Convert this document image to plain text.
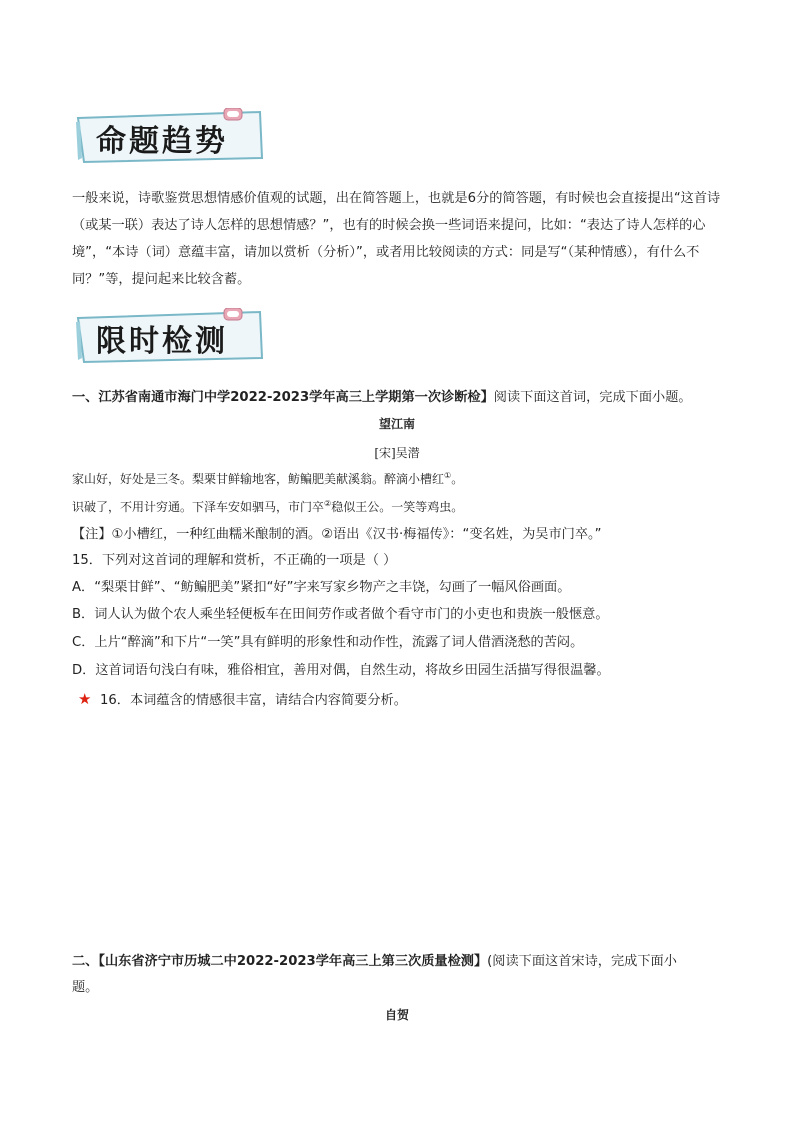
命题趋势
一般来说，诗歌鉴赏思想情感价值观的试题，出在简答题上，也就是6分的简答题，有时候也会直接提出“这首诗（或某一联）表达了诗人怎样的思想情感？”，也有的时候会换一些词语来提问，比如：“表达了诗人怎样的心境”，“本诗（词）意蕴丰富，请加以赏析（分析）”，或者用比较阅读的方式：同是写“（某种情感），有什么不同？”等，提问起来比较含蓄。
限时检测
一、江苏省南通市海门中学2022-2023学年高三上学期第一次诊断检】阅读下面这首词，完成下面小题。
望江南
[宋]吴潜
家山好，好处是三冬。梨栗甘鲜输地客，鲂鳊肥美献溪翁。醉滴小槽红①。
识破了，不用计穷通。下泽车安如驷马，市门卒②稳似王公。一笑等鸡虫。
【注】①小槽红，一种红曲糯米酿制的酒。②语出《汉书·梅福传》：“变名姓，为吴市门卒。”
15．下列对这首词的理解和赏析，不正确的一项是（ ）
A．“梨栗甘鲜”、“鲂鳊肥美”紧扣“好”字来写家乡物产之丰饶，勾画了一幅风俗画面。
B．词人认为做个农人乘坐轻便板车在田间劳作或者做个看守市门的小吏也和贵族一般惬意。
C．上片“醉滴”和下片“一笑”具有鲜明的形象性和动作性，流露了词人借酒浇愁的苦闷。
D．这首词语句浅白有味，雅俗相宜，善用对偶，自然生动，将故乡田园生活描写得很温馨。
★ 16．本词蕴含的情感很丰富，请结合内容简要分析。
二、【山东省济宁市历城二中2022-2023学年高三上第三次质量检测】(阅读下面这首宋诗，完成下面小
题。
自贺
